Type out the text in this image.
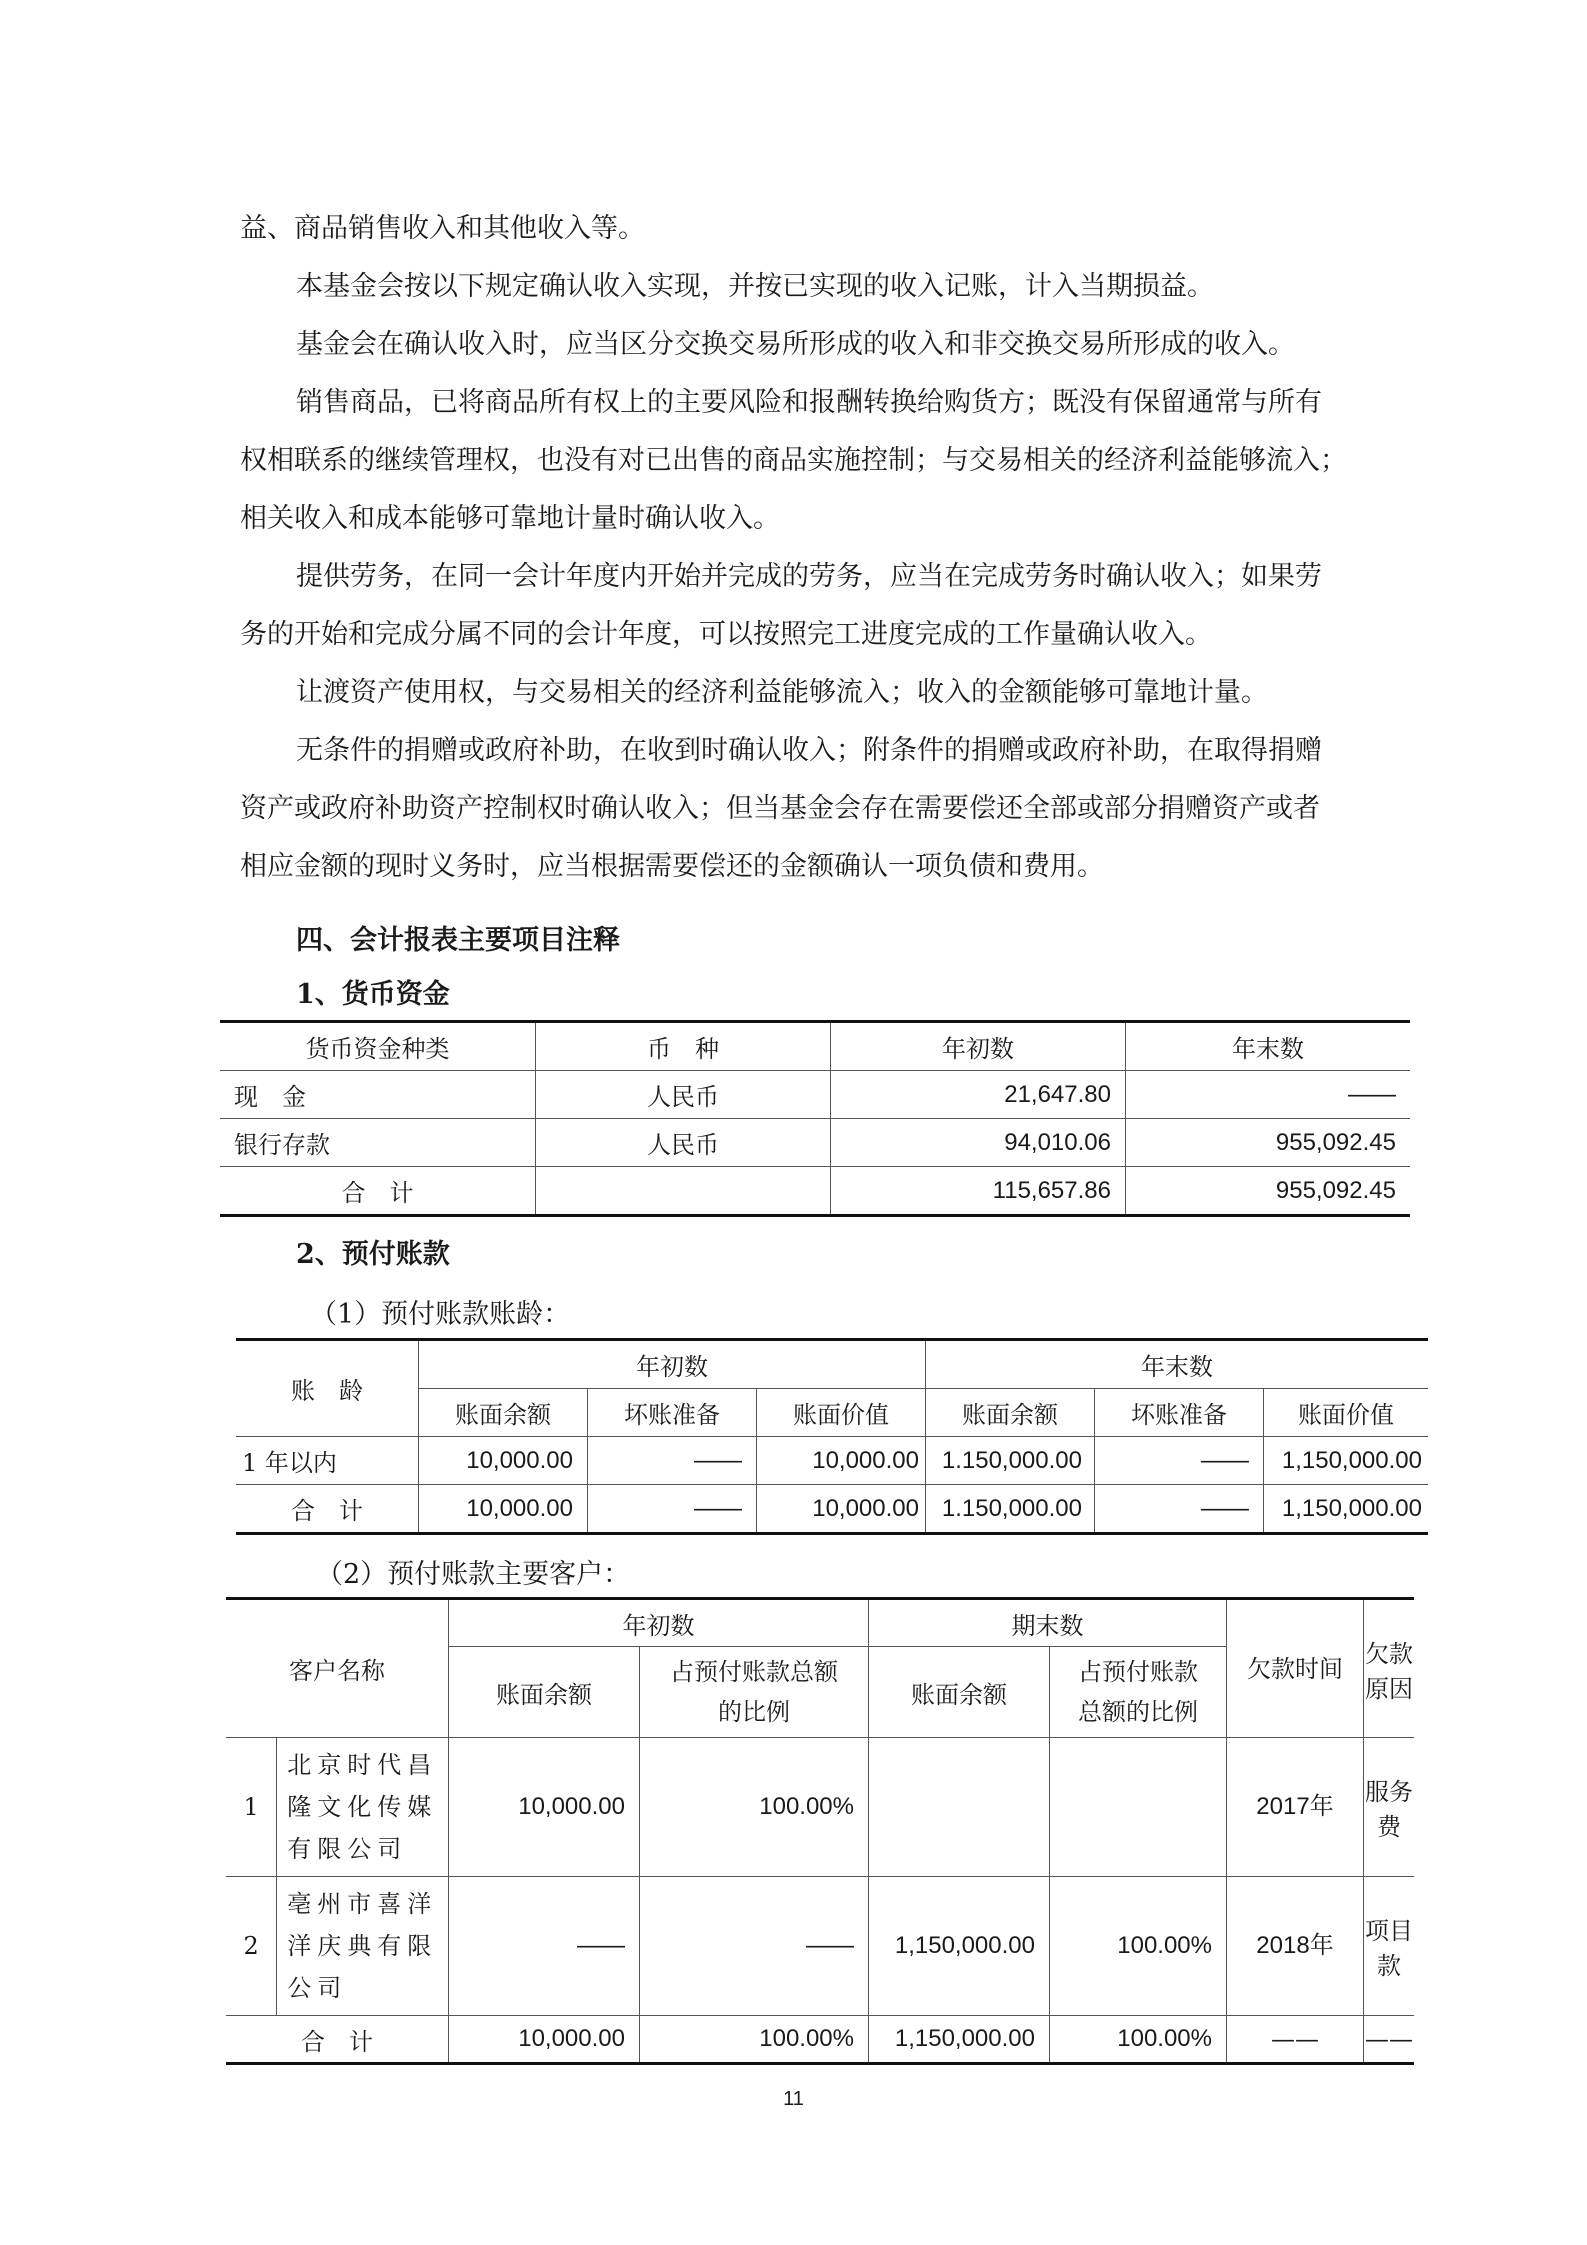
益、商品销售收入和其他收入等。
本基金会按以下规定确认收入实现，并按已实现的收入记账，计入当期损益。
基金会在确认收入时，应当区分交换交易所形成的收入和非交换交易所形成的收入。
销售商品，已将商品所有权上的主要风险和报酬转换给购货方；既没有保留通常与所有
权相联系的继续管理权，也没有对已出售的商品实施控制；与交易相关的经济利益能够流入；
相关收入和成本能够可靠地计量时确认收入。
提供劳务，在同一会计年度内开始并完成的劳务，应当在完成劳务时确认收入；如果劳
务的开始和完成分属不同的会计年度，可以按照完工进度完成的工作量确认收入。
让渡资产使用权，与交易相关的经济利益能够流入；收入的金额能够可靠地计量。
无条件的捐赠或政府补助，在收到时确认收入；附条件的捐赠或政府补助，在取得捐赠
资产或政府补助资产控制权时确认收入；但当基金会存在需要偿还全部或部分捐赠资产或者
相应金额的现时义务时，应当根据需要偿还的金额确认一项负债和费用。
四、会计报表主要项目注释
1、货币资金
货币资金种类	币　种	年初数	年末数
现　金	人民币	21,647.80	——
银行存款	人民币	94,010.06	955,092.45
合　计		115,657.86	955,092.45
2、预付账款
（1）预付账款账龄：
账　龄	年初数			年末数		
	账面余额	坏账准备	账面价值	账面余额	坏账准备	账面价值
1 年以内	10,000.00	——	10,000.00	1.150,000.00	——	1,150,000.00
合　计	10,000.00	——	10,000.00	1.150,000.00	——	1,150,000.00
（2）预付账款主要客户：
客户名称		年初数		期末数		欠款时间	欠款原因
		账面余额	占预付账款总额的比例	账面余额	占预付账款总额的比例		
1	北京时代昌隆文化传媒有限公司	10,000.00	100.00%			2017年	服务费
2	亳州市喜洋洋庆典有限公司	——	——	1,150,000.00	100.00%	2018年	项目款
合　计		10,000.00	100.00%	1,150,000.00	100.00%	——	——
11
